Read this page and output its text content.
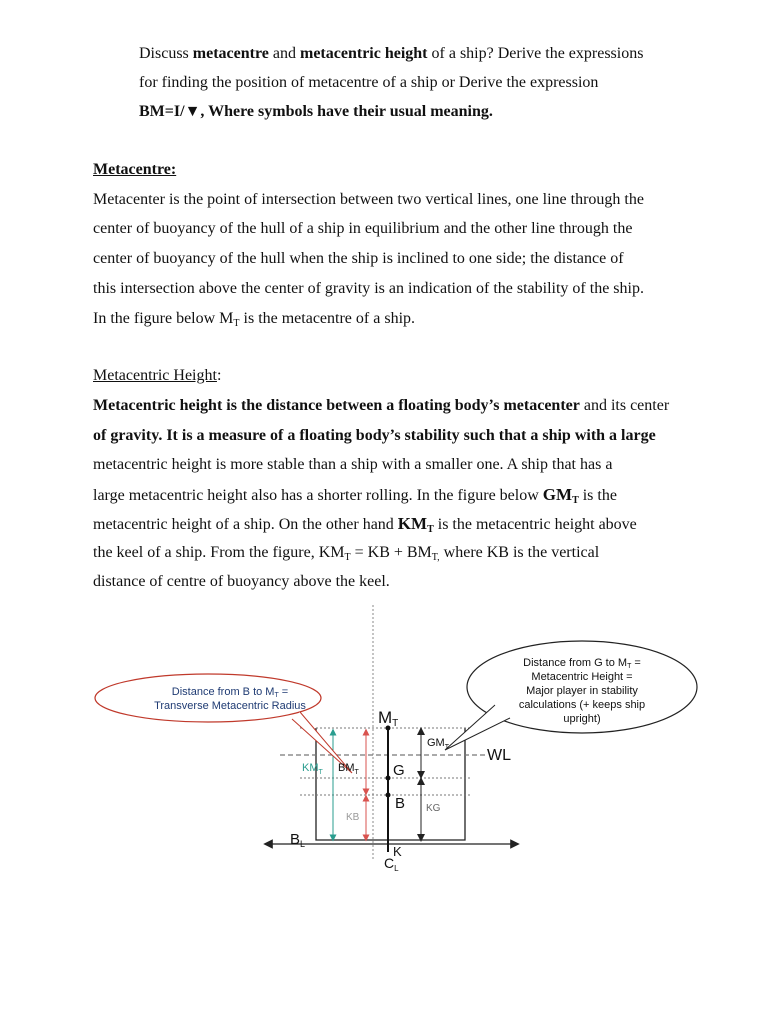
Discuss metacentre and metacentric height of a ship? Derive the expressions
for finding the position of metacentre of a ship or Derive the expression
BM=I/▼, Where symbols have their usual meaning.
Metacentre:
Metacenter is the point of intersection between two vertical lines, one line through the
center of buoyancy of the hull of a ship in equilibrium and the other line through the
center of buoyancy of the hull when the ship is inclined to one side; the distance of
this intersection above the center of gravity is an indication of the stability of the ship.
In the figure below $M_T$ is the metacentre of a ship.
Metacentric Height:
Metacentric height is the distance between a floating body’s metacenter and its center
of gravity. It is a measure of a floating body’s stability such that a ship with a large
metacentric height is more stable than a ship with a smaller one. A ship that has a
large metacentric height also has a shorter rolling. In the figure below $GM_T$ is the
metacentric height of a ship. On the other hand $KM_T$ is the metacentric height above
the keel of a ship. From the figure, $KM_T$ = KB + $BM_{T,}$ where KB is the vertical
distance of centre of buoyancy above the keel.
Distance from B to MT =
Transverse Metacentric Radius
Distance from G to MT =
Metacentric Height =
Major player in stability
calculations (+ keeps ship
upright)
MT
$GM_T$ WL
$KM_T$ $BM_T$ G
B
KB
KG
$B_L$	K
$C_L$
